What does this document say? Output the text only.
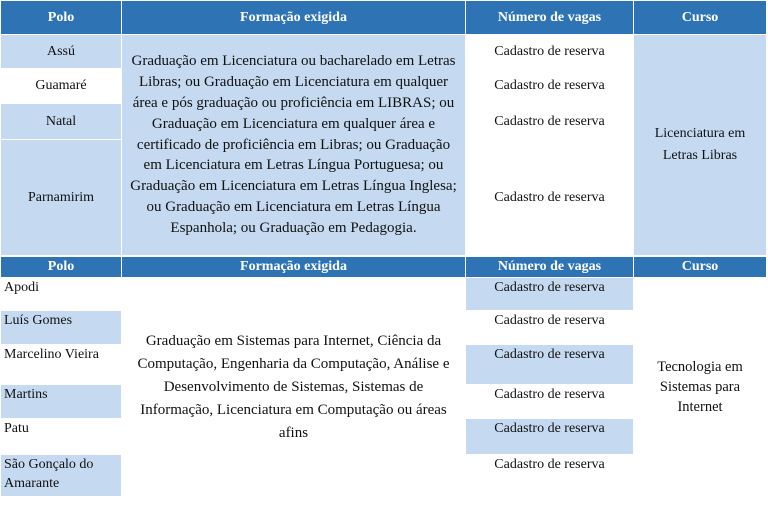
Polo	Formação exigida	Número de vagas	Curso
Assú	Graduação em Licenciatura ou bacharelado em Letras Libras; ou Graduação em Licenciatura em qualquer área e pós graduação ou proficiência em LIBRAS; ou Graduação em Licenciatura em qualquer área e certificado de proficiência em Libras; ou Graduação em Licenciatura em Letras Língua Portuguesa; ou Graduação em Licenciatura em Letras Língua Inglesa; ou Graduação em Licenciatura em Letras Língua Espanhola; ou Graduação em Pedagogia.	Cadastro de reserva	Licenciatura em Letras Libras
Guamaré		Cadastro de reserva	
Natal		Cadastro de reserva	
Parnamirim		Cadastro de reserva	
Polo	Formação exigida	Número de vagas	Curso
Apodi	Graduação em Sistemas para Internet, Ciência da Computação, Engenharia da Computação, Análise e Desenvolvimento de Sistemas, Sistemas de Informação, Licenciatura em Computação ou áreas afins	Cadastro de reserva	Tecnologia em Sistemas para Internet
Luís Gomes		Cadastro de reserva	
Marcelino Vieira		Cadastro de reserva	
Martins		Cadastro de reserva	
Patu		Cadastro de reserva	
São Gonçalo do Amarante		Cadastro de reserva	
